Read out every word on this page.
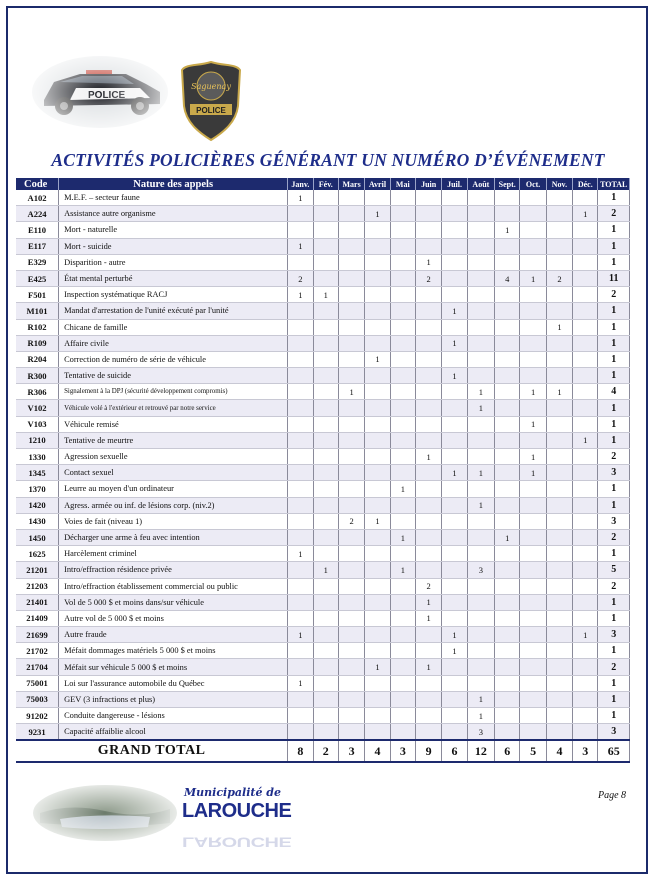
Saguenay
POLICE
ACTIVITÉS POLICIÈRES GÉNÉRANT UN NUMÉRO D’ÉVÉNEMENT
Code	Nature des appels	Janv.	Fév.	Mars	Avril	Mai	Juin	Juil.	Août	Sept.	Oct.	Nov.	Déc.	TOTAL
A102	M.E.F. – secteur faune	1												1
A224	Assistance autre organisme				1								1	2
E110	Mort - naturelle									1				1
E117	Mort - suicide	1												1
E329	Disparition - autre						1							1
E425	État mental perturbé	2					2			4	1	2		11
F501	Inspection systématique RACJ	1	1											2
M101	Mandat d'arrestation de l'unité exécuté par l'unité							1						1
R102	Chicane de famille											1		1
R109	Affaire civile							1						1
R204	Correction de numéro de série de véhicule				1									1
R300	Tentative de suicide							1						1
R306	Signalement à la DPJ (sécurité développement compromis)			1					1		1	1		4
V102	Véhicule volé à l'extérieur et retrouvé par notre service								1					1
V103	Véhicule remisé										1			1
1210	Tentative de meurtre												1	1
1330	Agression sexuelle						1				1			2
1345	Contact sexuel							1	1		1			3
1370	Leurre au moyen d'un ordinateur					1								1
1420	Agress. armée ou inf. de lésions corp. (niv.2)								1					1
1430	Voies de fait (niveau 1)			2	1									3
1450	Décharger une arme à feu avec intention					1				1				2
1625	Harcèlement criminel	1												1
21201	Intro/effraction résidence privée		1			1			3					5
21203	Intro/effraction établissement commercial ou public						2							2
21401	Vol de 5 000 $ et moins dans/sur véhicule						1							1
21409	Autre vol de 5 000 $ et moins						1							1
21699	Autre fraude	1						1					1	3
21702	Méfait dommages matériels 5 000 $ et moins							1						1
21704	Méfait sur véhicule 5 000 $ et moins				1		1							2
75001	Loi sur l'assurance automobile du Québec	1												1
75003	GEV (3 infractions et plus)								1					1
91202	Conduite dangereuse - lésions								1					1
9231	Capacité affaiblie alcool								3					3
GRAND TOTAL		8	2	3	4	3	9	6	12	6	5	4	3	65
Municipalité de
LAROUCHE
LAROUCHE
Page 8
